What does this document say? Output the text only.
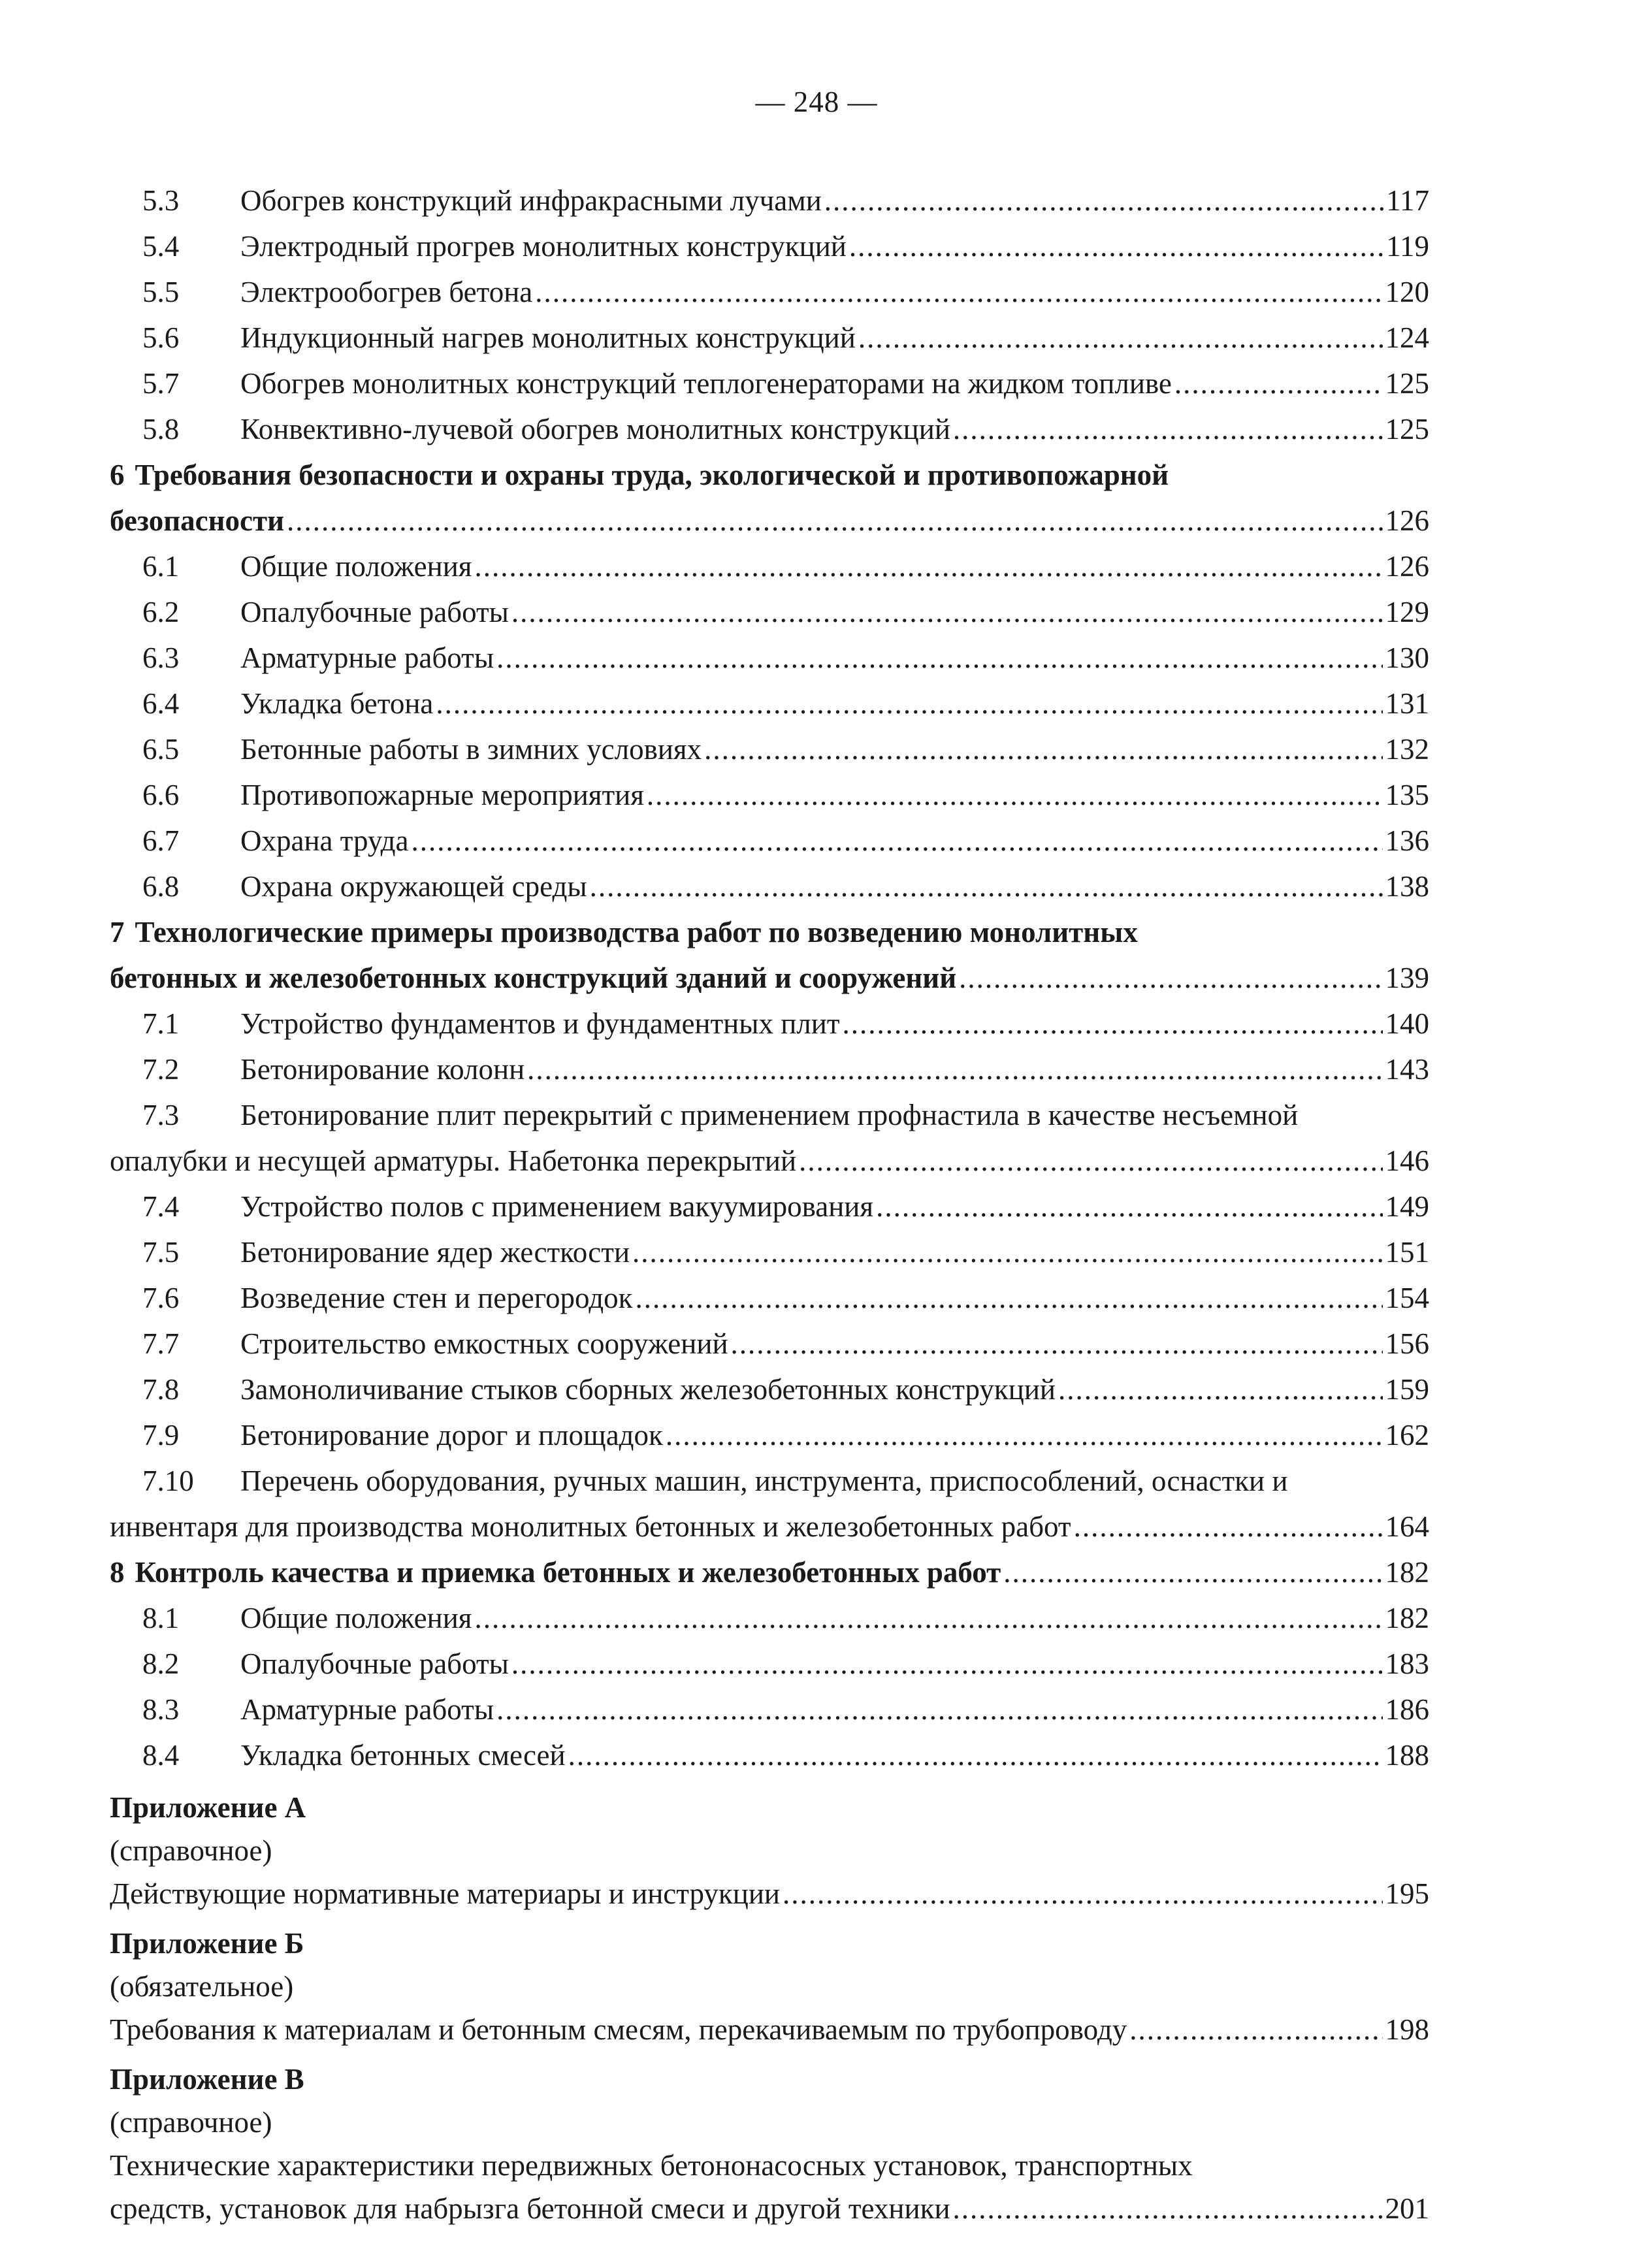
— 248 —
5.3	Обогрев конструкций инфракрасными лучами .....	117
5.4	Электродный прогрев монолитных конструкций .....	119
5.5	Электрообогрев бетона .....	120
5.6	Индукционный нагрев монолитных конструкций .....	124
5.7	Обогрев монолитных конструкций теплогенераторами на жидком топливе .....	125
5.8	Конвективно-лучевой обогрев монолитных конструкций .....	125
6 Требования безопасности и охраны труда, экологической и противопожарной
безопасности .....	126
6.1	Общие положения .....	126
6.2	Опалубочные работы .....	129
6.3	Арматурные работы .....	130
6.4	Укладка бетона .....	131
6.5	Бетонные работы в зимних условиях .....	132
6.6	Противопожарные мероприятия .....	135
6.7	Охрана труда .....	136
6.8	Охрана окружающей среды .....	138
7 Технологические примеры производства работ по возведению монолитных
бетонных и железобетонных конструкций зданий и сооружений .....	139
7.1	Устройство фундаментов и фундаментных плит .....	140
7.2	Бетонирование колонн .....	143
7.3	Бетонирование плит перекрытий с применением профнастила в качестве несъемной
опалубки и несущей арматуры. Набетонка перекрытий .....	146
7.4	Устройство полов с применением вакуумирования .....	149
7.5	Бетонирование ядер жесткости .....	151
7.6	Возведение стен и перегородок .....	154
7.7	Строительство емкостных сооружений .....	156
7.8	Замоноличивание стыков сборных железобетонных конструкций .....	159
7.9	Бетонирование дорог и площадок .....	162
7.10	Перечень оборудования, ручных машин, инструмента, приспособлений, оснастки и
инвентаря для производства монолитных бетонных и железобетонных работ .....	164
8 Контроль качества и приемка бетонных и железобетонных работ .....	182
8.1	Общие положения .....	182
8.2	Опалубочные работы .....	183
8.3	Арматурные работы .....	186
8.4	Укладка бетонных смесей .....	188
Приложение А
(справочное)
Действующие нормативные материары и инструкции .....	195
Приложение Б
(обязательное)
Требования к материалам и бетонным смесям, перекачиваемым по трубопроводу .....	198
Приложение В
(справочное)
Технические характеристики передвижных бетононасосных установок, транспортных
средств, установок для набрызга бетонной смеси и другой техники .....	201
